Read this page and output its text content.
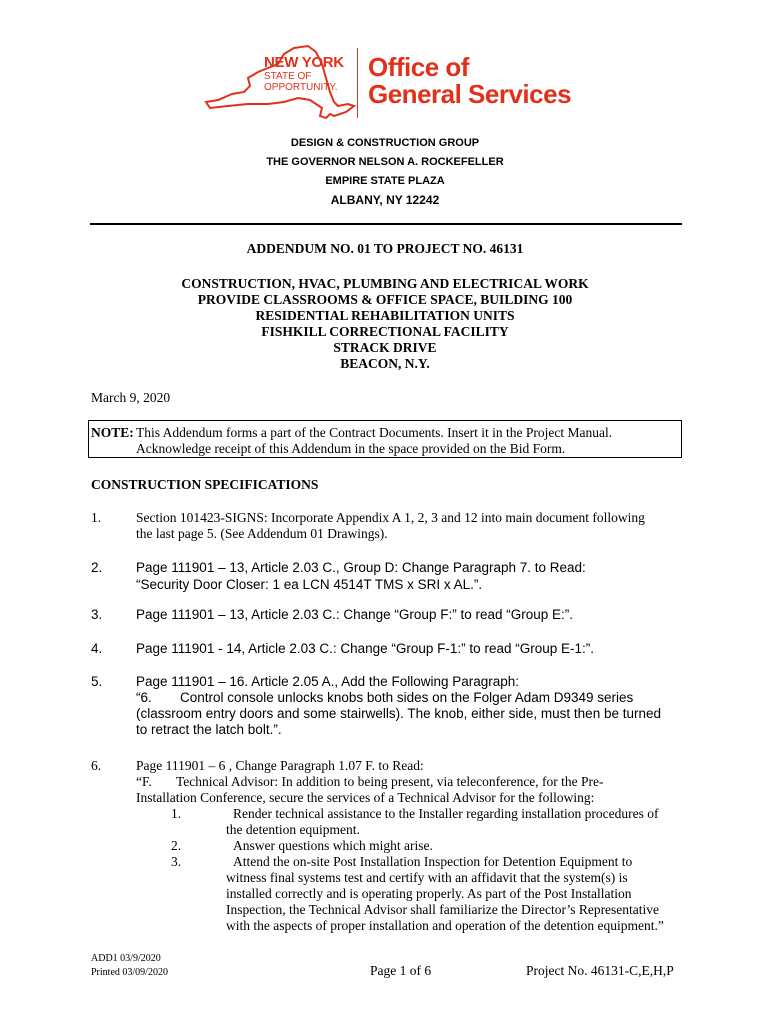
NEW YORK
STATE OF
OPPORTUNITY.
Office of
General Services
DESIGN & CONSTRUCTION GROUP
THE GOVERNOR NELSON A. ROCKEFELLER
EMPIRE STATE PLAZA
ALBANY, NY 12242
ADDENDUM NO. 01 TO PROJECT NO. 46131
CONSTRUCTION, HVAC, PLUMBING AND ELECTRICAL WORK
PROVIDE CLASSROOMS & OFFICE SPACE, BUILDING 100
RESIDENTIAL REHABILITATION UNITS
FISHKILL CORRECTIONAL FACILITY
STRACK DRIVE
BEACON, N.Y.
March 9, 2020
NOTE: This Addendum forms a part of the Contract Documents. Insert it in the Project Manual.
Acknowledge receipt of this Addendum in the space provided on the Bid Form.
CONSTRUCTION SPECIFICATIONS
1.	Section 101423-SIGNS: Incorporate Appendix A 1, 2, 3 and 12 into main document following
the last page 5. (See Addendum 01 Drawings).
2. Page 111901 – 13, Article 2.03 C., Group D: Change Paragraph 7. to Read:
“Security Door Closer: 1 ea LCN 4514T TMS x SRI x AL.”.
3. Page 111901 – 13, Article 2.03 C.: Change “Group F:” to read “Group E:”.
4. Page 111901 - 14, Article 2.03 C.: Change “Group F-1:” to read “Group E-1:”.
5. Page 111901 – 16. Article 2.05 A., Add the Following Paragraph:
“6. Control console unlocks knobs both sides on the Folger Adam D9349 series
(classroom entry doors and some stairwells). The knob, either side, must then be turned
to retract the latch bolt.”.
6.	Page 111901 – 6 , Change Paragraph 1.07 F. to Read:
“F. Technical Advisor: In addition to being present, via teleconference, for the Pre-
Installation Conference, secure the services of a Technical Advisor for the following:
1.	Render technical assistance to the Installer regarding installation procedures of
the detention equipment.
2.	Answer questions which might arise.
3.	Attend the on-site Post Installation Inspection for Detention Equipment to
witness final systems test and certify with an affidavit that the system(s) is
installed correctly and is operating properly. As part of the Post Installation
Inspection, the Technical Advisor shall familiarize the Director’s Representative
with the aspects of proper installation and operation of the detention equipment.”
ADD1 03/9/2020
Printed 03/09/2020	Page 1 of 6	Project No. 46131-C,E,H,P
